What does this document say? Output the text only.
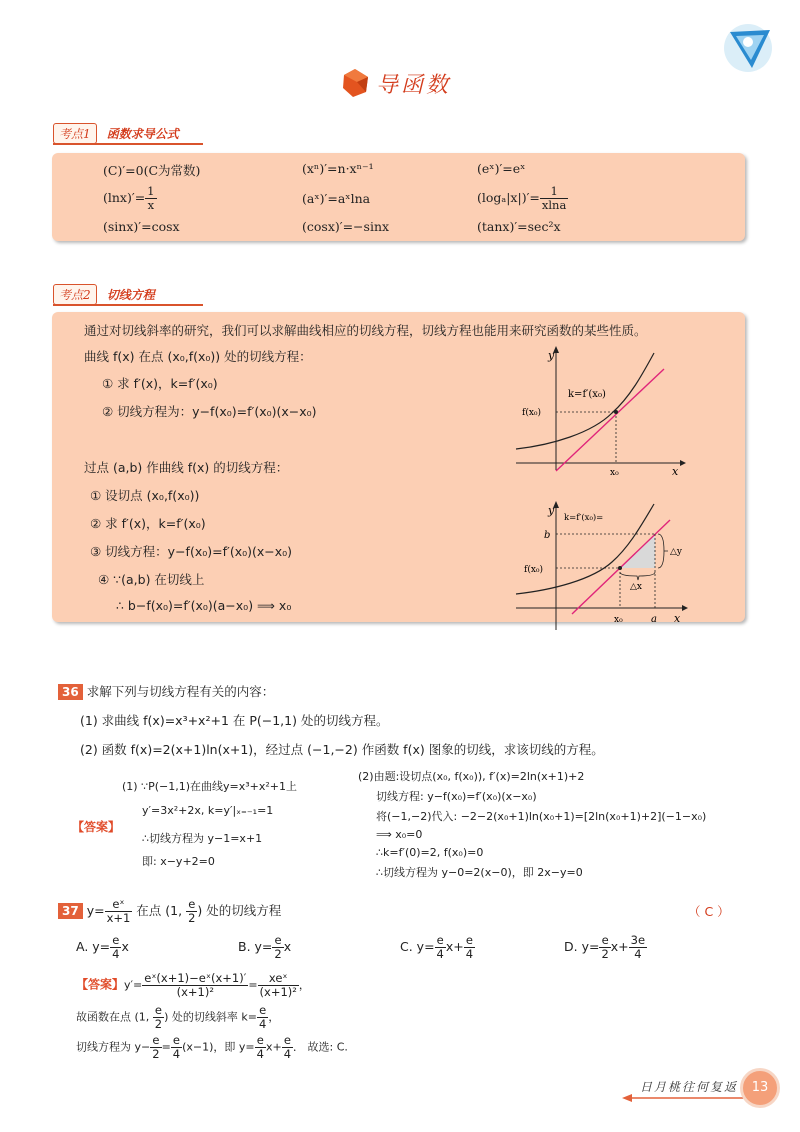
导函数
考点1 函数求导公式
(C)′=0(C为常数)	(xⁿ)′=n·xⁿ⁻¹	(eˣ)′=eˣ
$(\ln x)'= \frac{1}{x}$	(aˣ)′=aˣlna	$(\log_a|x|)'= \frac{1}{xlna}$
(sinx)′=cosx	(cosx)′=−sinx	(tanx)′=sec²x
考点2 切线方程
通过对切线斜率的研究，我们可以求解曲线相应的切线方程，切线方程也能用来研究函数的某些性质。
曲线 f(x) 在点 (x₀,f(x₀)) 处的切线方程：
① 求 f′(x)，k=f′(x₀)
② 切线方程为：y−f(x₀)=f′(x₀)(x−x₀)
过点 (a,b) 作曲线 f(x) 的切线方程：
① 设切点 (x₀,f(x₀))
② 求 f′(x)，k=f′(x₀)
③ 切线方程：y−f(x₀)=f′(x₀)(x−x₀)
④ ∵(a,b) 在切线上
∴ b−f(x₀)=f′(x₀)(a−x₀) ⟹ x₀
y
x
f(x₀)
x₀
k=f′(x₀)
y
x
b
f(x₀)
x₀	a
k=f′(x₀)=
△y
△x
36 求解下列与切线方程有关的内容：
(1) 求曲线 f(x)=x³+x²+1 在 P(−1,1) 处的切线方程。
(2) 函数 f(x)=2(x+1)ln(x+1)，经过点 (−1,−2) 作函数 f(x) 图象的切线，求该切线的方程。
【答案】
(1) ∵P(−1,1)在曲线y=x³+x²+1上
y′=3x²+2x, k=y′|ₓ₌₋₁=1
∴切线方程为 y−1=x+1
即: x−y+2=0
(2)由题:设切点(x₀, f(x₀)), f′(x)=2ln(x+1)+2
切线方程: y−f(x₀)=f′(x₀)(x−x₀)
将(−1,−2)代入: −2−2(x₀+1)ln(x₀+1)=[2ln(x₀+1)+2](−1−x₀)
⟹ x₀=0
∴k=f′(0)=2, f(x₀)=0
∴切线方程为 y−0=2(x−0)，即 2x−y=0
37 $y= \frac{\text{eˣ}}{x+1}$ 在点 (1, $\frac{e}{2}$ ) 处的切线方程	（ C ）
A. $y= \frac{e}{4}$ x	B. $y= \frac{e}{2}$ x	C. $y= \frac{e}{4} x+ \frac{e}{4}$	D. $y= \frac{e}{2} x+ \frac{3e}{4}$
【答案】$y'= \frac{\text{eˣ(x+1)−eˣ(x+1)′}}{\text{(x+1)²}} = \frac{\text{xeˣ}}{\text{(x+1)²}}$ ，
故函数在点 (1, $\frac{e}{2}$ ) 处的切线斜率 $k= \frac{e}{4}$ ，
切线方程为 $y- \frac{e}{2} = \frac{e}{4} (x-1)$，即 $y= \frac{e}{4} x+ \frac{e}{4}$ ． 故选: C.
日月桃往何复返	13
